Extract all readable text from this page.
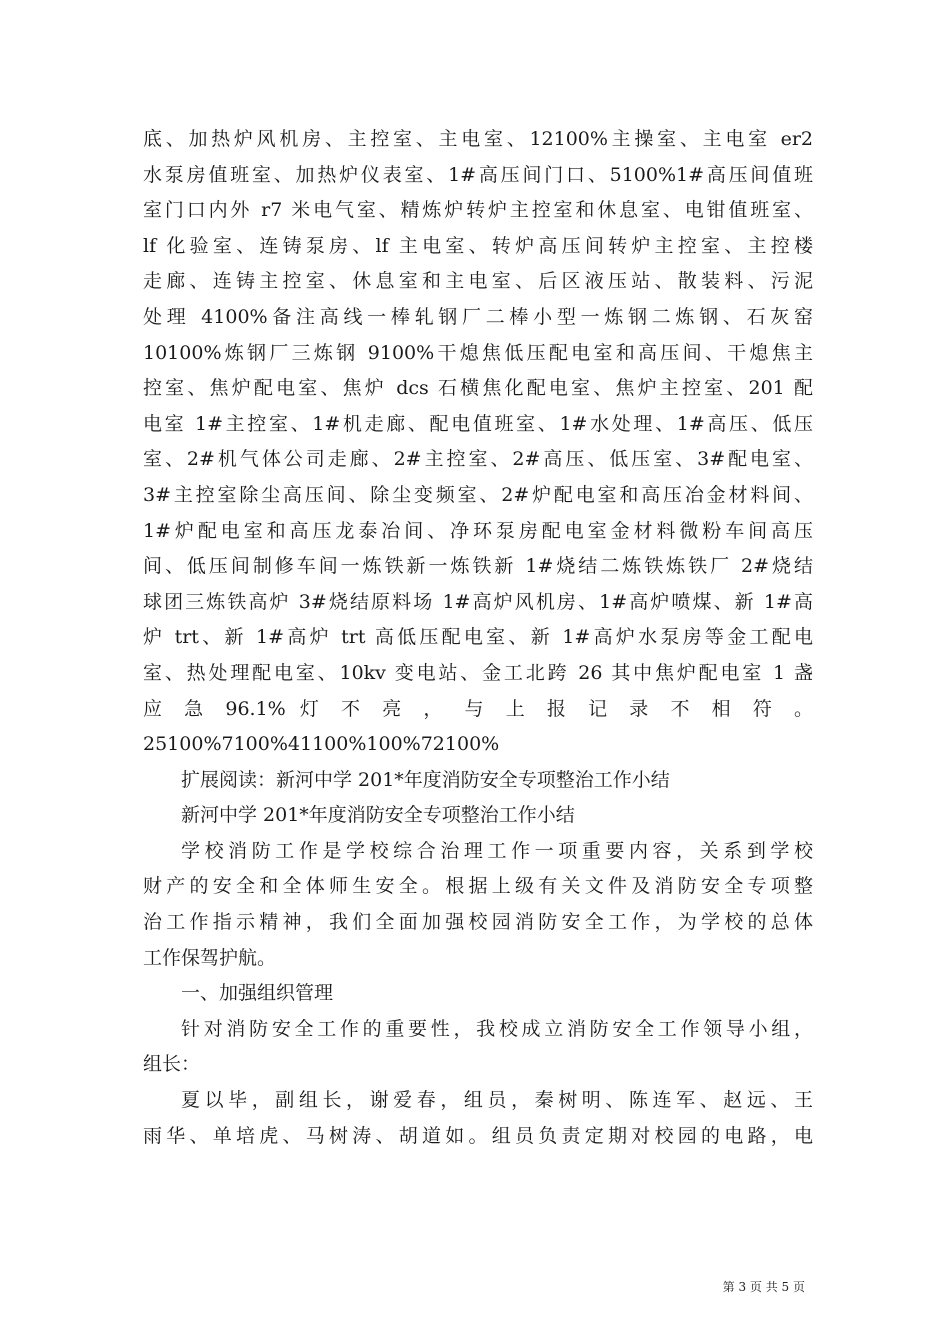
底、加热炉风机房、主控室、主电室、12100%主操室、主电室 er2
水泵房值班室、加热炉仪表室、1#高压间门口、5100%1#高压间值班
室门口内外 r7 米电气室、精炼炉转炉主控室和休息室、电钳值班室、
lf 化验室、连铸泵房、lf 主电室、转炉高压间转炉主控室、主控楼
走廊、连铸主控室、休息室和主电室、后区液压站、散装料、污泥
处理 4100%备注高线一棒轧钢厂二棒小型一炼钢二炼钢、石灰窑
10100%炼钢厂三炼钢 9100%干熄焦低压配电室和高压间、干熄焦主
控室、焦炉配电室、焦炉 dcs 石横焦化配电室、焦炉主控室、201 配
电室 1#主控室、1#机走廊、配电值班室、1#水处理、1#高压、低压
室、2#机气体公司走廊、2#主控室、2#高压、低压室、3#配电室、
3#主控室除尘高压间、除尘变频室、2#炉配电室和高压冶金材料间、
1#炉配电室和高压龙泰冶间、净环泵房配电室金材料微粉车间高压
间、低压间制修车间一炼铁新一炼铁新 1#烧结二炼铁炼铁厂 2#烧结
球团三炼铁高炉 3#烧结原料场 1#高炉风机房、1#高炉喷煤、新 1#高
炉 trt、新 1#高炉 trt 高低压配电室、新 1#高炉水泵房等金工配电
室、热处理配电室、10kv 变电站、金工北跨 26 其中焦炉配电室 1 盏
应 急 96.1% 灯 不 亮 ， 与 上 报 记 录 不 相 符 。
25100%7100%41100%100%72100%
扩展阅读：新河中学 201*年度消防安全专项整治工作小结
新河中学 201*年度消防安全专项整治工作小结
学校消防工作是学校综合治理工作一项重要内容，关系到学校
财产的安全和全体师生安全。根据上级有关文件及消防安全专项整
治工作指示精神，我们全面加强校园消防安全工作，为学校的总体
工作保驾护航。
一、加强组织管理
针对消防安全工作的重要性，我校成立消防安全工作领导小组，
组长：
夏以毕，副组长，谢爱春，组员，秦树明、陈连军、赵远、王
雨华、单培虎、马树涛、胡道如。组员负责定期对校园的电路，电
第 3 页 共 5 页
